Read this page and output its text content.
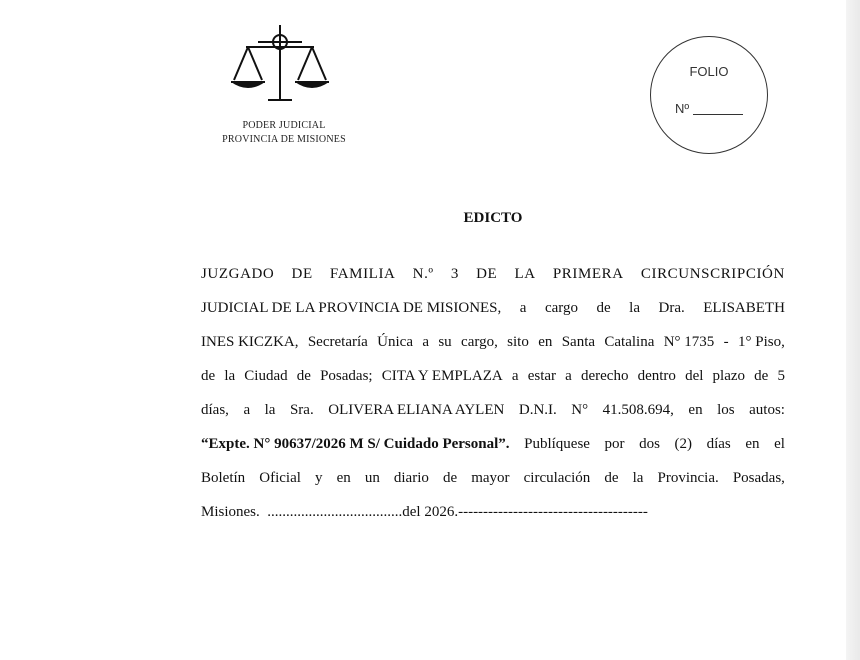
PODER JUDICIAL
PROVINCIA DE MISIONES
FOLIO
Nº
EDICTO
JUZGADO DE FAMILIA N.º 3 DE LA PRIMERA CIRCUNSCRIPCIÓN
JUDICIAL DE LA PROVINCIA DE MISIONES, a cargo de la Dra. ELISABETH
INES KICZKA, Secretaría Única a su cargo, sito en Santa Catalina N° 1735 - 1° Piso,
de la Ciudad de Posadas; CITA Y EMPLAZA a estar a derecho dentro del plazo de 5
días, a la Sra. OLIVERA ELIANA AYLEN D.N.I. N° 41.508.694, en los autos:
“Expte. N° 90637/2026 M S/ Cuidado Personal”. Publíquese por dos (2) días en el
Boletín Oficial y en un diario de mayor circulación de la Provincia. Posadas,
Misiones.  ....................................del 2026.--------------------------------------
